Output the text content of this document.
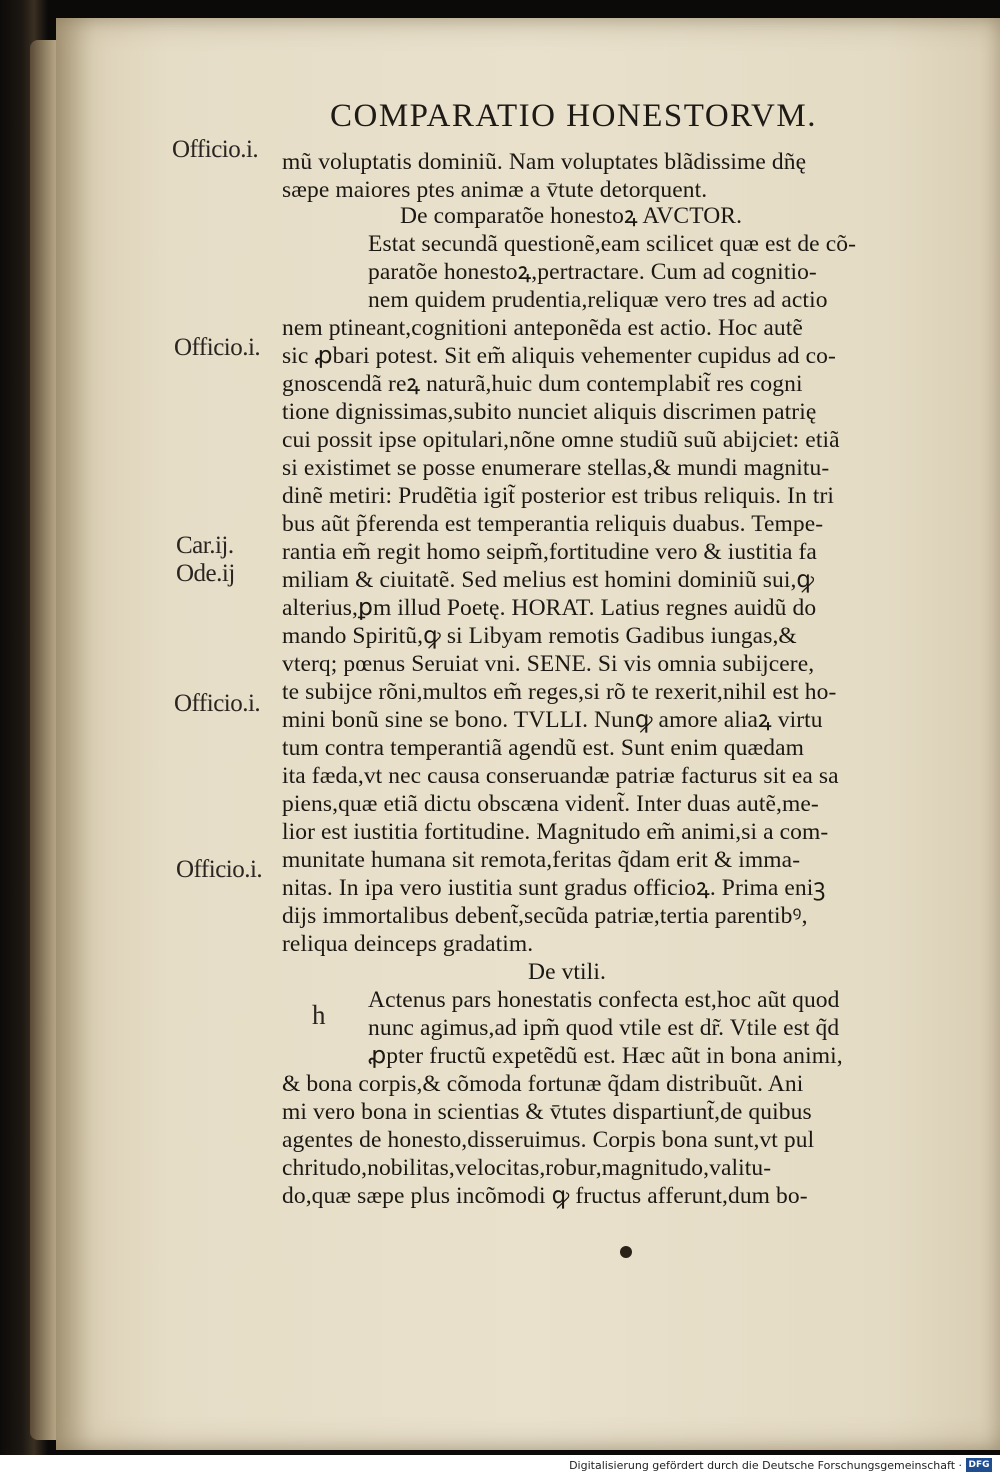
COMPARATIO HONESTORVM.
Officio.i.
Officio.i.
Car.ij.
Ode.ij
Officio.i.
Officio.i.
h
mũ voluptatis dominiũ. Nam voluptates blãdissime dñę
sæpe maiores ptes animæ a v̄tute detorquent.
De comparatõe honestoꝝ AVCTOR.
Estat secundã questionẽ,eam scilicet quæ est de cõ-
paratõe honestoꝝ,pertractare. Cum ad cognitio-
nem quidem prudentia,reliquæ vero tres ad actio
nem ptineant,cognitioni anteponẽda est actio. Hoc autẽ
sic ꝓbari potest. Sit em̃ aliquis vehementer cupidus ad co-
gnoscendã reꝝ naturã,huic dum contemplabit̃ res cogni
tione dignissimas,subito nunciet aliquis discrimen patrię
cui possit ipse opitulari,nõne omne studiũ suũ abijciet: etiã
si existimet se posse enumerare stellas,& mundi magnitu-
dinẽ metiri: Prudẽtia igit̃ posterior est tribus reliquis. In tri
bus aũt p̃ferenda est temperantia reliquis duabus. Tempe-
rantia em̃ regit homo seipm̃,fortitudine vero & iustitia fa
miliam & ciuitatẽ. Sed melius est homini dominiũ sui,ꝙ
alterius,ꝑm illud Poetę. HORAT. Latius regnes auidũ do
mando Spiritũ,ꝙ si Libyam remotis Gadibus iungas,&
vterq; pœnus Seruiat vni. SENE. Si vis omnia subijcere,
te subijce rõni,multos em̃ reges,si rõ te rexerit,nihil est ho-
mini bonũ sine se bono. TVLLI. Nunꝙ amore aliaꝝ virtu
tum contra temperantiã agendũ est. Sunt enim quædam
ita fæda,vt nec causa conseruandæ patriæ facturus sit ea sa
piens,quæ etiã dictu obscæna vident̃. Inter duas autẽ,me-
lior est iustitia fortitudine. Magnitudo em̃ animi,si a com-
munitate humana sit remota,feritas q̃dam erit & imma-
nitas. In ipa vero iustitia sunt gradus officioꝝ. Prima eniꝫ
dijs immortalibus debent̃,secũda patriæ,tertia parentibꝰ,
reliqua deinceps gradatim.
De vtili.
Actenus pars honestatis confecta est,hoc aũt quod
nunc agimus,ad ipm̃ quod vtile est dr̃. Vtile est q̃d
ꝓpter fructũ expetẽdũ est. Hæc aũt in bona animi,
& bona corpis,& cõmoda fortunæ q̃dam distribuũt. Ani
mi vero bona in scientias & v̄tutes dispartiunt̃,de quibus
agentes de honesto,disseruimus. Corpis bona sunt,vt pul
chritudo,nobilitas,velocitas,robur,magnitudo,valitu-
do,quæ sæpe plus incõmodi ꝙ fructus afferunt,dum bo-
Digitalisierung gefördert durch die Deutsche Forschungsgemeinschaft · DFG
